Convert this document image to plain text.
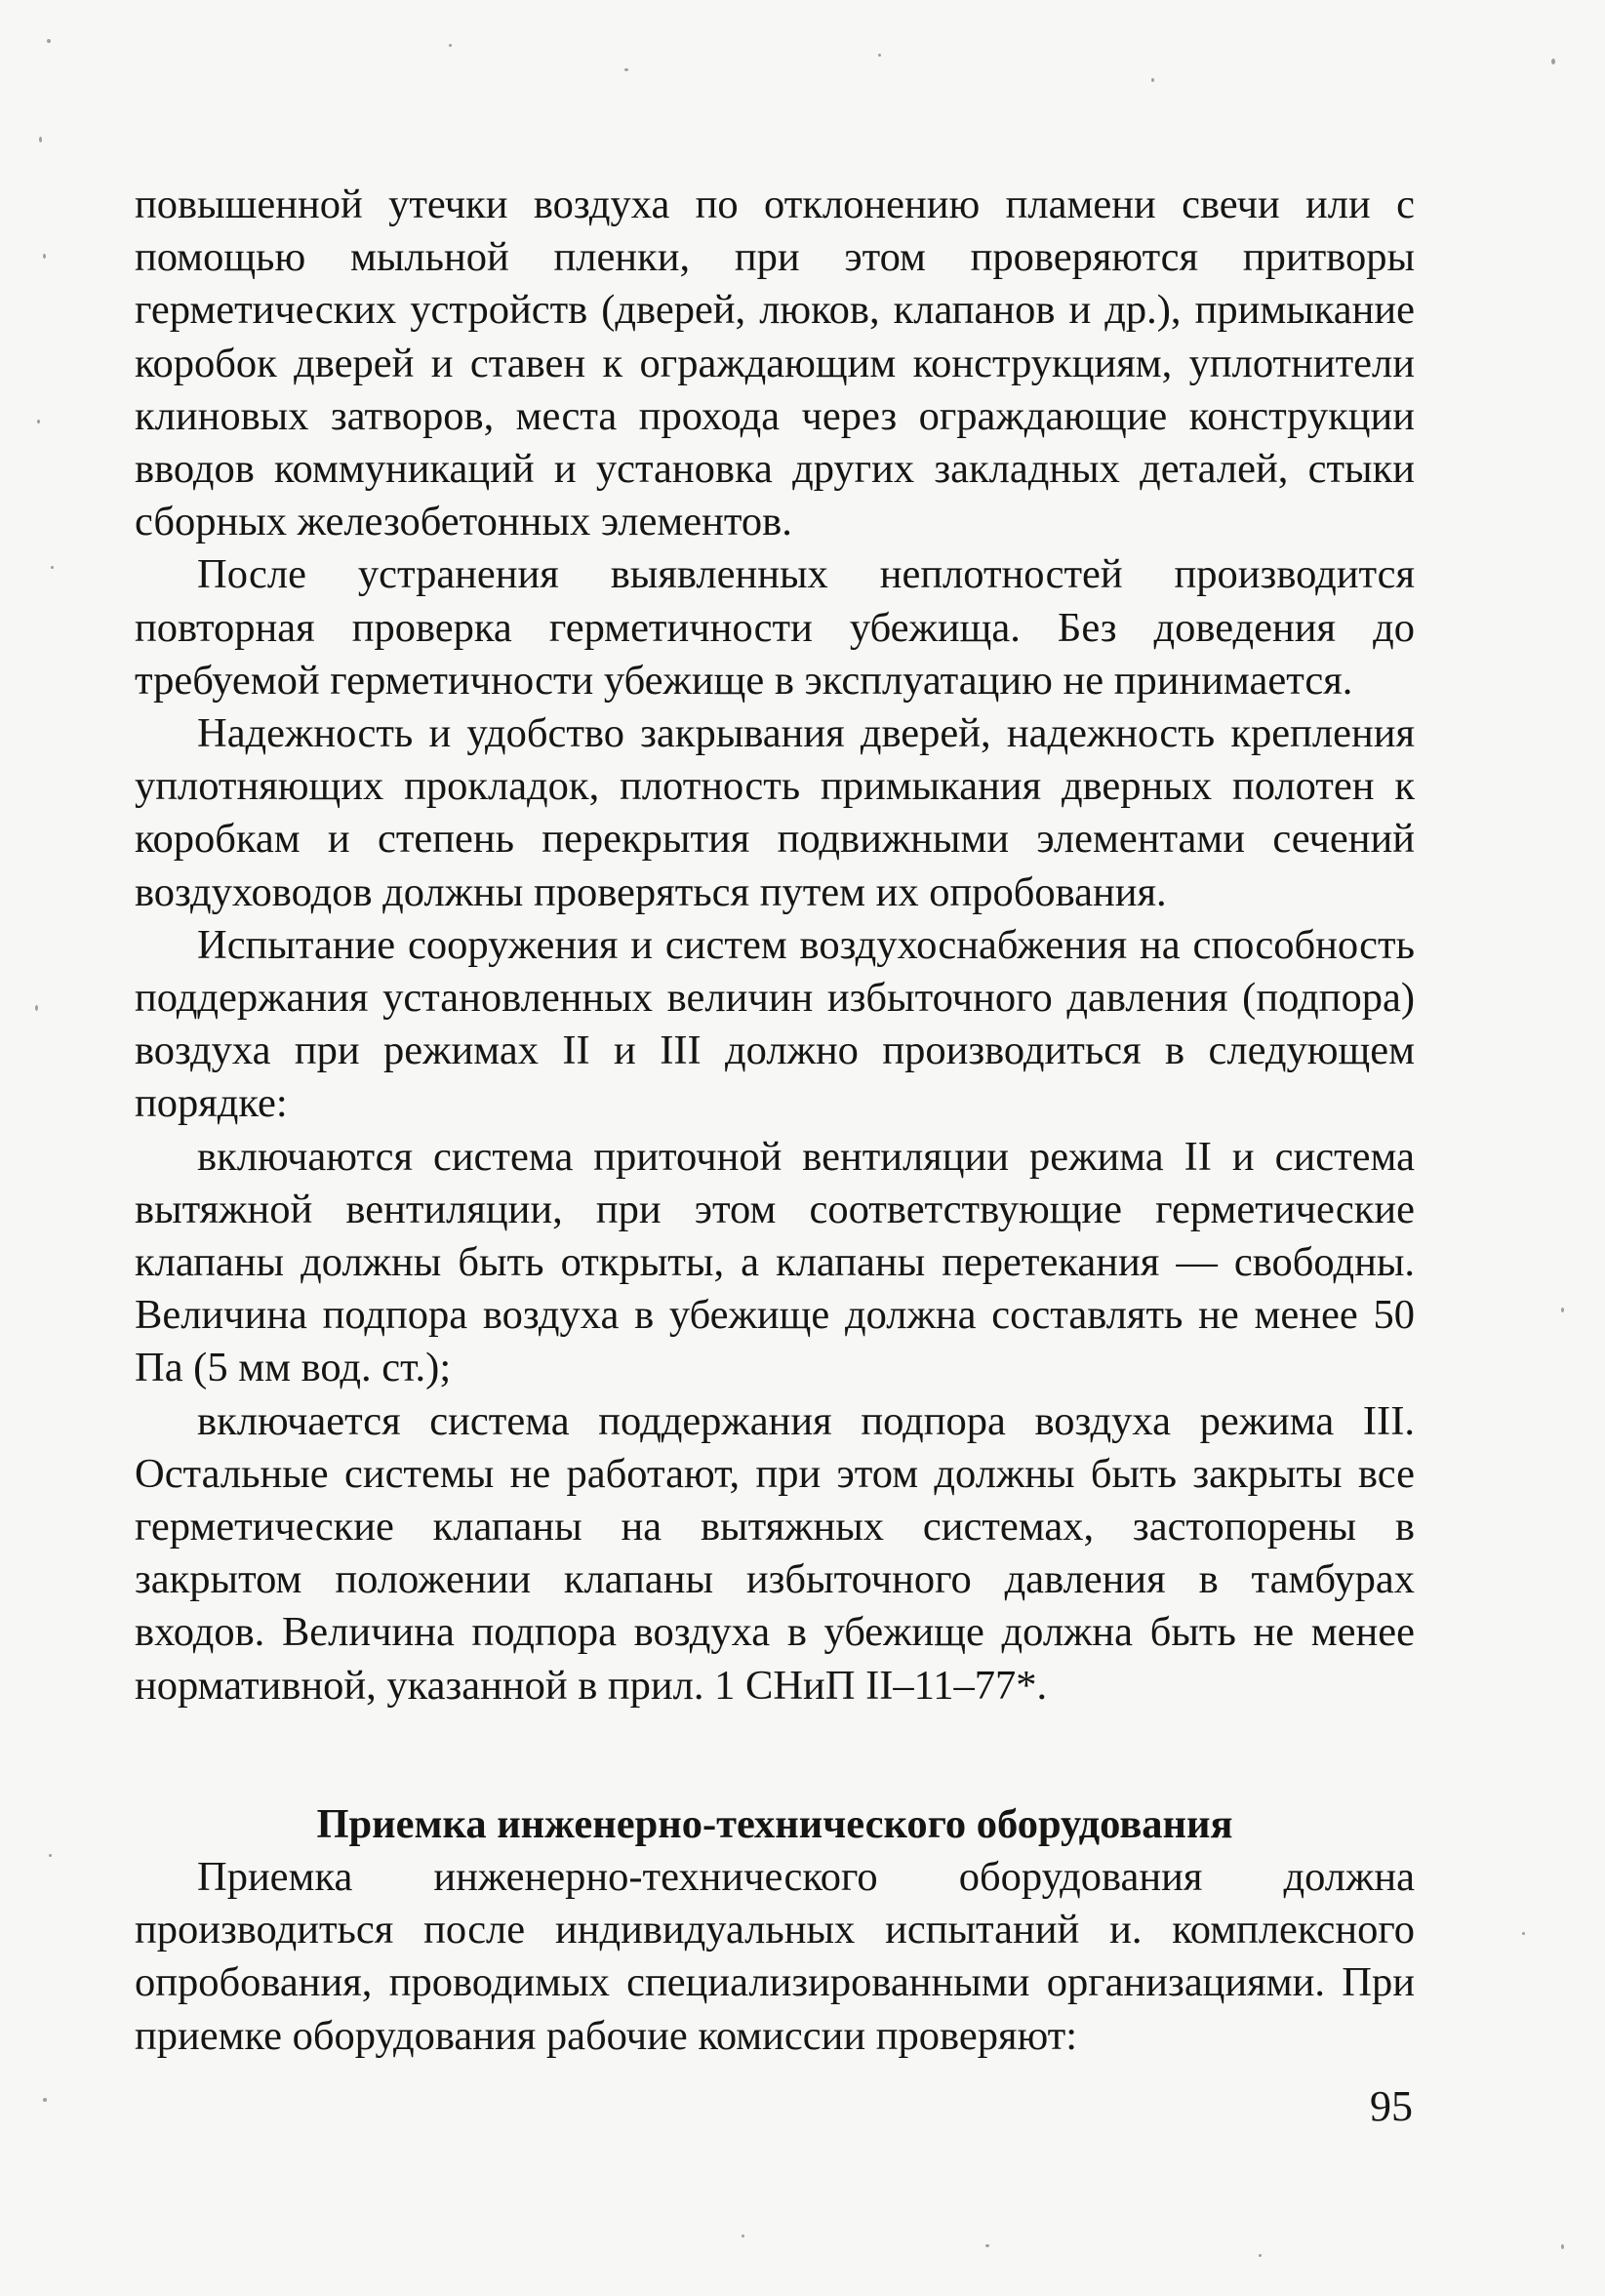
повышенной утечки воздуха по отклонению пламени свечи или с помощью мыльной пленки, при этом проверяются притворы герметических устройств (дверей, люков, клапанов и др.), примыкание коробок дверей и ставен к ограждающим конструкциям, уплотнители клиновых затворов, места прохода через ограждающие конструкции вводов коммуникаций и установка других закладных деталей, стыки сборных железобетонных элементов.

После устранения выявленных неплотностей производится повторная проверка герметичности убежища. Без доведения до требуемой герметичности убежище в эксплуатацию не принимается.

Надежность и удобство закрывания дверей, надежность крепления уплотняющих прокладок, плотность примыкания дверных полотен к коробкам и степень перекрытия подвижными элементами сечений воздуховодов должны проверяться путем их опробования.

Испытание сооружения и систем воздухоснабжения на способность поддержания установленных величин избыточного давления (подпора) воздуха при режимах II и III должно производиться в следующем порядке:

включаются система приточной вентиляции режима II и система вытяжной вентиляции, при этом соответствующие герметические клапаны должны быть открыты, а клапаны перетекания — свободны. Величина подпора воздуха в убежище должна составлять не менее 50 Па (5 мм вод. ст.);

включается система поддержания подпора воздуха режима III. Остальные системы не работают, при этом должны быть закрыты все герметические клапаны на вытяжных системах, застопорены в закрытом положении клапаны избыточного давления в тамбурах входов. Величина подпора воздуха в убежище должна быть не менее нормативной, указанной в прил. 1 СНиП II–11–77*.

Приемка инженерно-технического оборудования

Приемка инженерно-технического оборудования должна производиться после индивидуальных испытаний и. комплексного опробования, проводимых специализированными организациями. При приемке оборудования рабочие комиссии проверяют:

95
